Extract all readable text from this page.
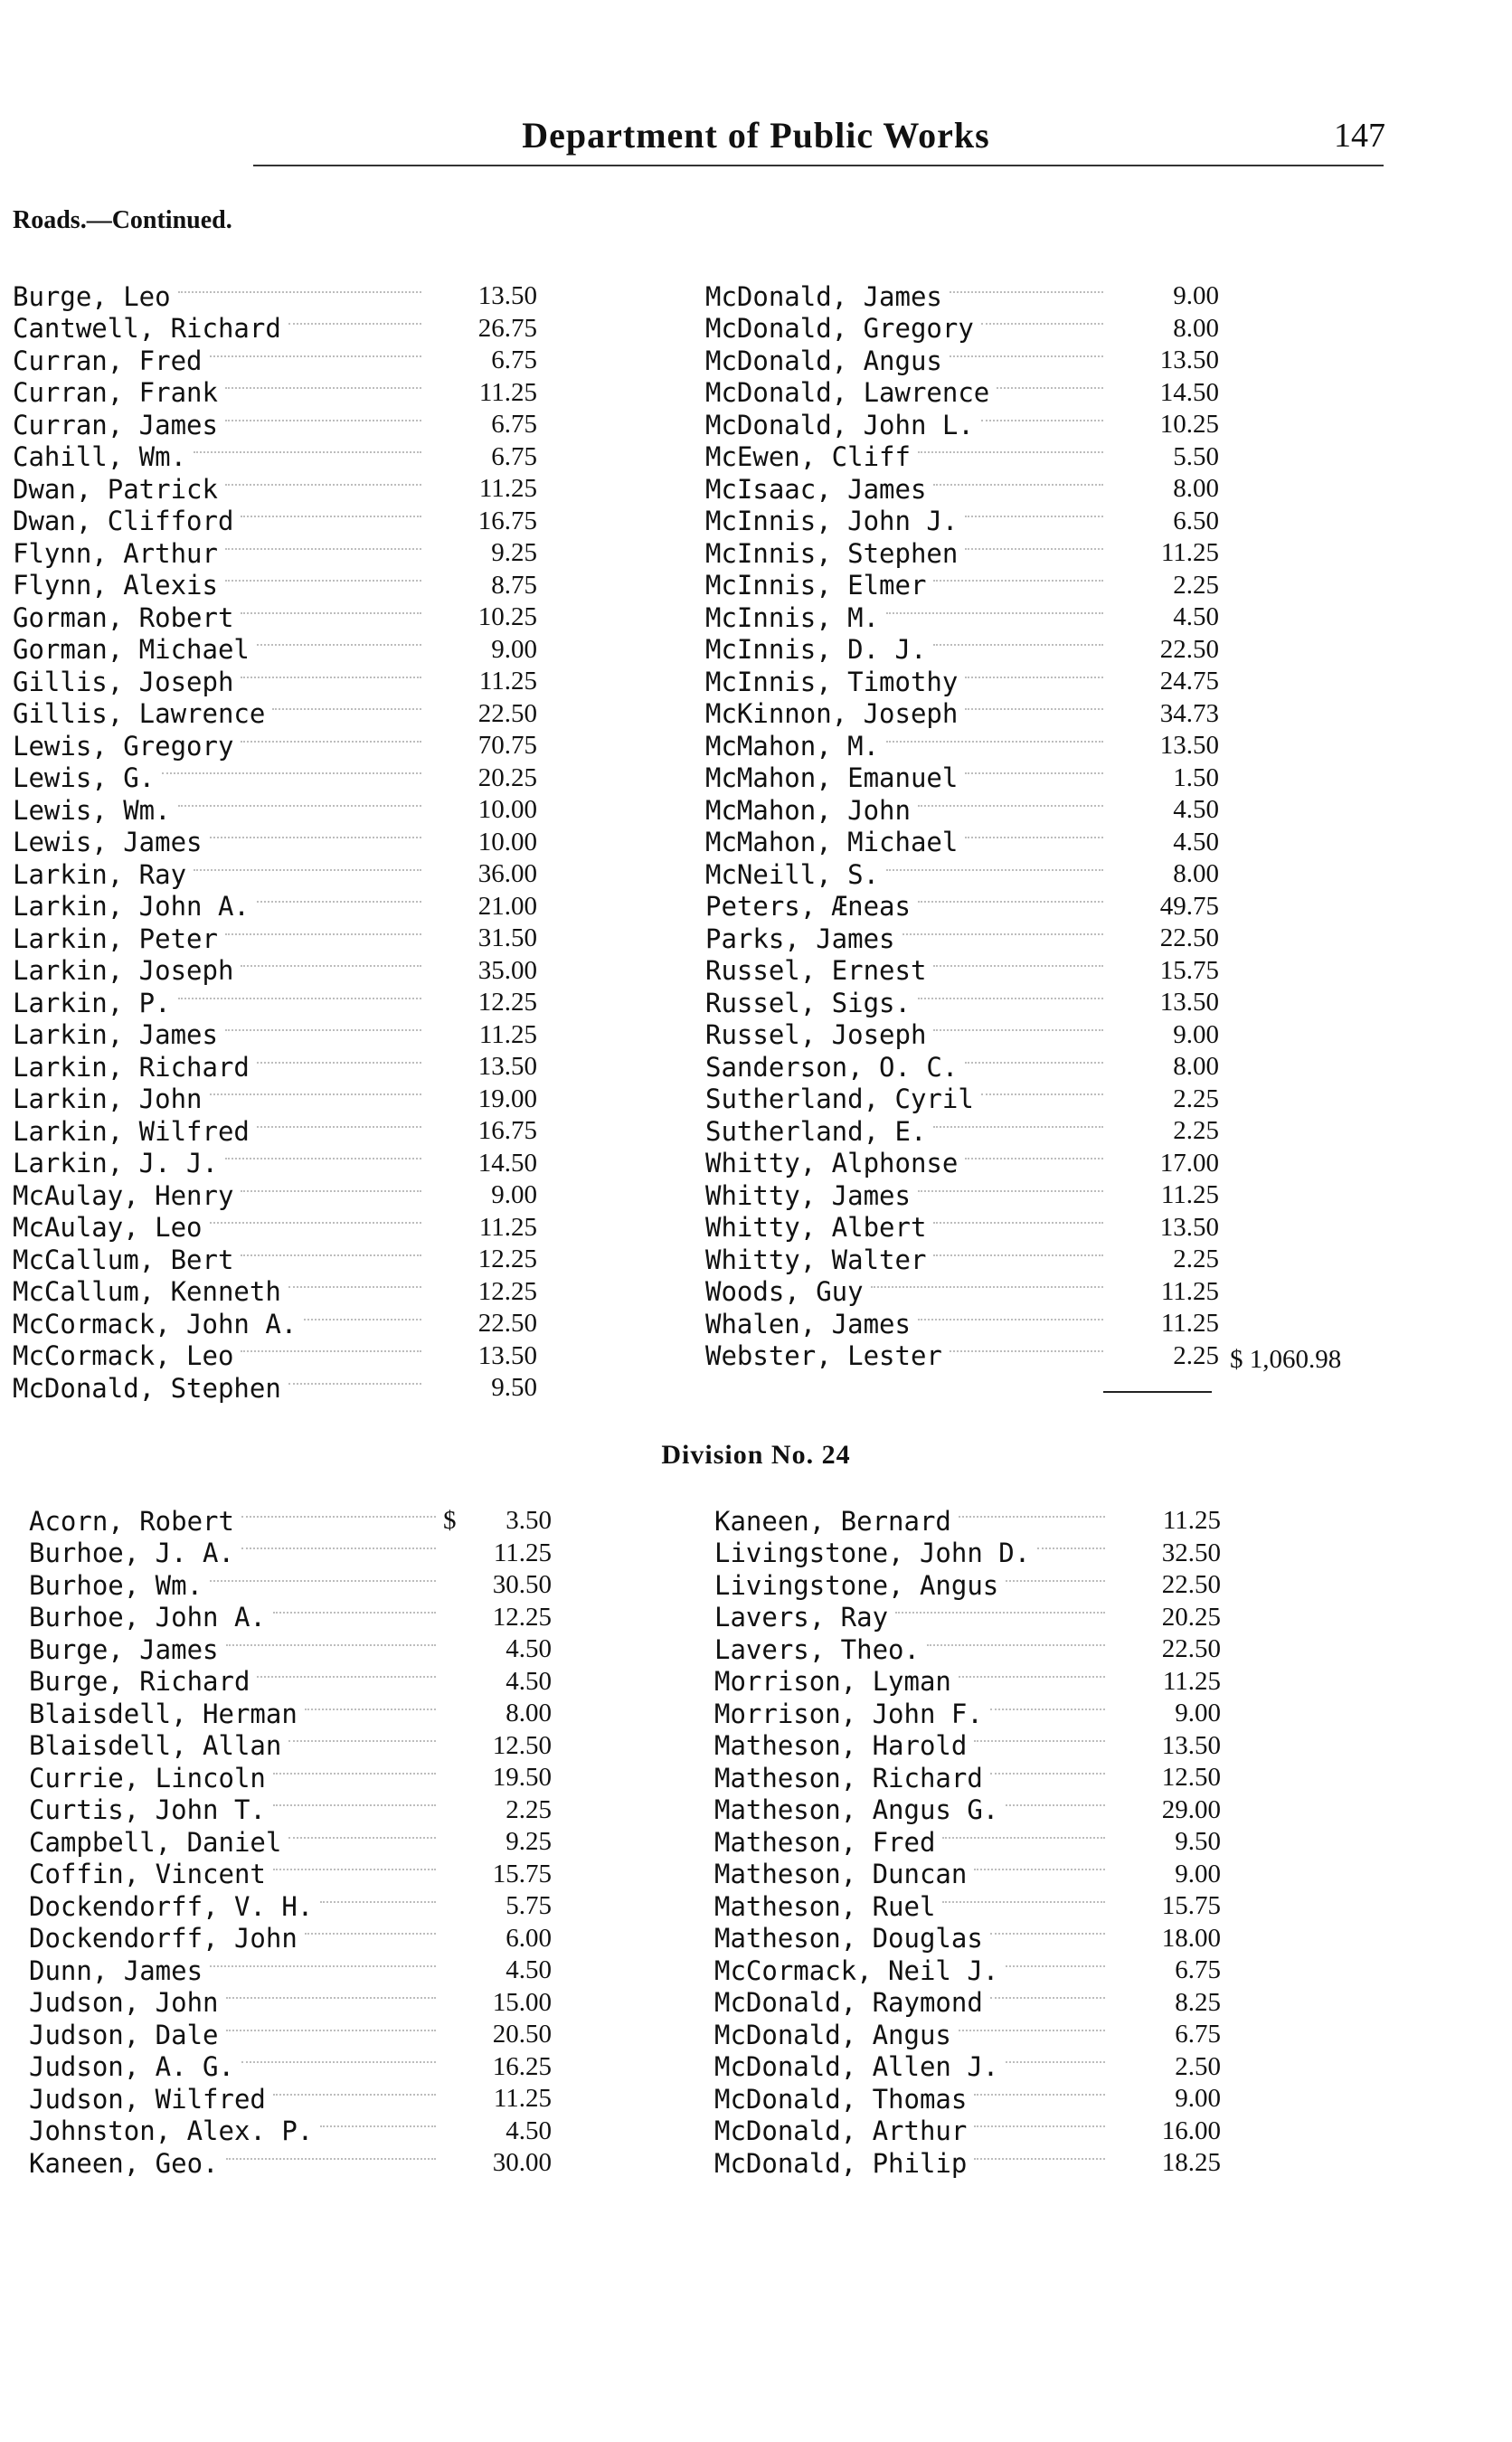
Department of Public Works	147
Roads.—Continued.
Burge, Leo	13.50
Cantwell, Richard	26.75
Curran, Fred	6.75
Curran, Frank	11.25
Curran, James	6.75
Cahill, Wm.	6.75
Dwan, Patrick	11.25
Dwan, Clifford	16.75
Flynn, Arthur	9.25
Flynn, Alexis	8.75
Gorman, Robert	10.25
Gorman, Michael	9.00
Gillis, Joseph	11.25
Gillis, Lawrence	22.50
Lewis, Gregory	70.75
Lewis, G.	20.25
Lewis, Wm.	10.00
Lewis, James	10.00
Larkin, Ray	36.00
Larkin, John A.	21.00
Larkin, Peter	31.50
Larkin, Joseph	35.00
Larkin, P.	12.25
Larkin, James	11.25
Larkin, Richard	13.50
Larkin, John	19.00
Larkin, Wilfred	16.75
Larkin, J. J.	14.50
McAulay, Henry	9.00
McAulay, Leo	11.25
McCallum, Bert	12.25
McCallum, Kenneth	12.25
McCormack, John A.	22.50
McCormack, Leo	13.50
McDonald, Stephen	9.50
McDonald, James	9.00
McDonald, Gregory	8.00
McDonald, Angus	13.50
McDonald, Lawrence	14.50
McDonald, John L.	10.25
McEwen, Cliff	5.50
McIsaac, James	8.00
McInnis, John J.	6.50
McInnis, Stephen	11.25
McInnis, Elmer	2.25
McInnis, M.	4.50
McInnis, D. J.	22.50
McInnis, Timothy	24.75
McKinnon, Joseph	34.73
McMahon, M.	13.50
McMahon, Emanuel	1.50
McMahon, John	4.50
McMahon, Michael	4.50
McNeill, S.	8.00
Peters, Æneas	49.75
Parks, James	22.50
Russel, Ernest	15.75
Russel, Sigs.	13.50
Russel, Joseph	9.00
Sanderson, O. C.	8.00
Sutherland, Cyril	2.25
Sutherland, E.	2.25
Whitty, Alphonse	17.00
Whitty, James	11.25
Whitty, Albert	13.50
Whitty, Walter	2.25
Woods, Guy	11.25
Whalen, James	11.25
Webster, Lester	2.25 $ 1,060.98
Division No. 24
Acorn, Robert	$	3.50
Burhoe, J. A.	11.25
Burhoe, Wm.	30.50
Burhoe, John A.	12.25
Burge, James	4.50
Burge, Richard	4.50
Blaisdell, Herman	8.00
Blaisdell, Allan	12.50
Currie, Lincoln	19.50
Curtis, John T.	2.25
Campbell, Daniel	9.25
Coffin, Vincent	15.75
Dockendorff, V. H.	5.75
Dockendorff, John	6.00
Dunn, James	4.50
Judson, John	15.00
Judson, Dale	20.50
Judson, A. G.	16.25
Judson, Wilfred	11.25
Johnston, Alex. P.	4.50
Kaneen, Geo.	30.00
Kaneen, Bernard	11.25
Livingstone, John D.	32.50
Livingstone, Angus	22.50
Lavers, Ray	20.25
Lavers, Theo.	22.50
Morrison, Lyman	11.25
Morrison, John F.	9.00
Matheson, Harold	13.50
Matheson, Richard	12.50
Matheson, Angus G.	29.00
Matheson, Fred	9.50
Matheson, Duncan	9.00
Matheson, Ruel	15.75
Matheson, Douglas	18.00
McCormack, Neil J.	6.75
McDonald, Raymond	8.25
McDonald, Angus	6.75
McDonald, Allen J.	2.50
McDonald, Thomas	9.00
McDonald, Arthur	16.00
McDonald, Philip	18.25
